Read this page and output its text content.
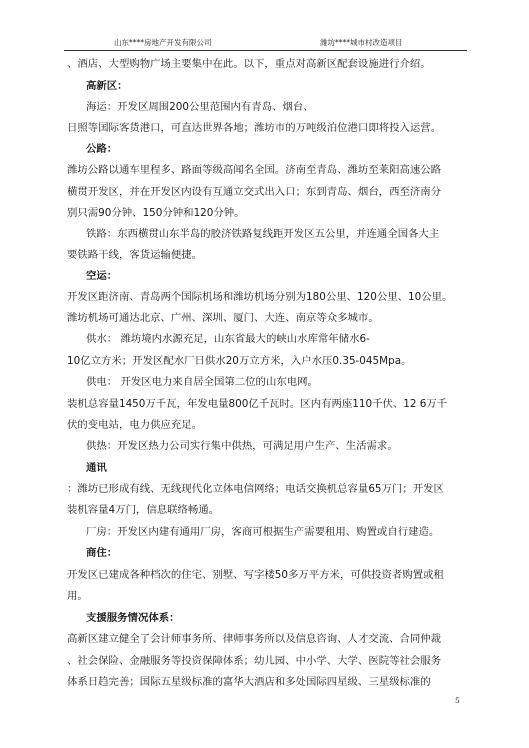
山东****房地产开发有限公司	潍坊****城市村改造项目
、酒店、大型购物广场主要集中在此。以下，重点对高新区配套设施进行介绍。
高新区：
海运：开发区周围200公里范围内有青岛、烟台、
日照等国际客货港口，可直达世界各地；潍坊市的万吨级泊位港口即将投入运营。
公路：
潍坊公路以通车里程多、路面等级高闻名全国。济南至青岛、潍坊至莱阳高速公路
横贯开发区，并在开发区内设有互通立交式出入口；东到青岛、烟台，西至济南分
别只需90分钟、150分钟和120分钟。
铁路：东西横贯山东半岛的胶济铁路复线距开发区五公里，并连通全国各大主
要铁路干线，客货运输便捷。
空运：
开发区距济南、青岛两个国际机场和潍坊机场分别为180公里、120公里、10公里。
潍坊机场可通达北京、广州、深圳、厦门、大连、南京等众多城市。
供水： 潍坊境内水源充足，山东省最大的峡山水库常年储水6-
10亿立方米；开发区配水厂日供水20万立方米，入户水压0.35-045Mpa。
供电： 开发区电力来自居全国第二位的山东电网。
装机总容量1450万千瓦，年发电量800亿千瓦时。区内有两座110千伏、12 6万千
伏的变电站，电力供应充足。
供热：开发区热力公司实行集中供热，可满足用户生产、生活需求。
通讯
：潍坊已形成有线、无线现代化立体电信网络；电话交换机总容量65万门；开发区
装机容量4万门，信息联络畅通。
厂房：开发区内建有通用厂房，客商可根据生产需要租用、购置或自行建造。
商住：
开发区已建成各种档次的住宅、别墅、写字楼50多万平方米，可供投资者购置或租
用。
支援服务情况体系：
高新区建立健全了会计师事务所、律师事务所以及信息咨询、人才交流、合同仲裁
、社会保险、金融服务等投资保障体系；幼儿园、中小学、大学、医院等社会服务
体系日趋完善；国际五星级标准的富华大酒店和多处国际四星级、三星级标准的
5
